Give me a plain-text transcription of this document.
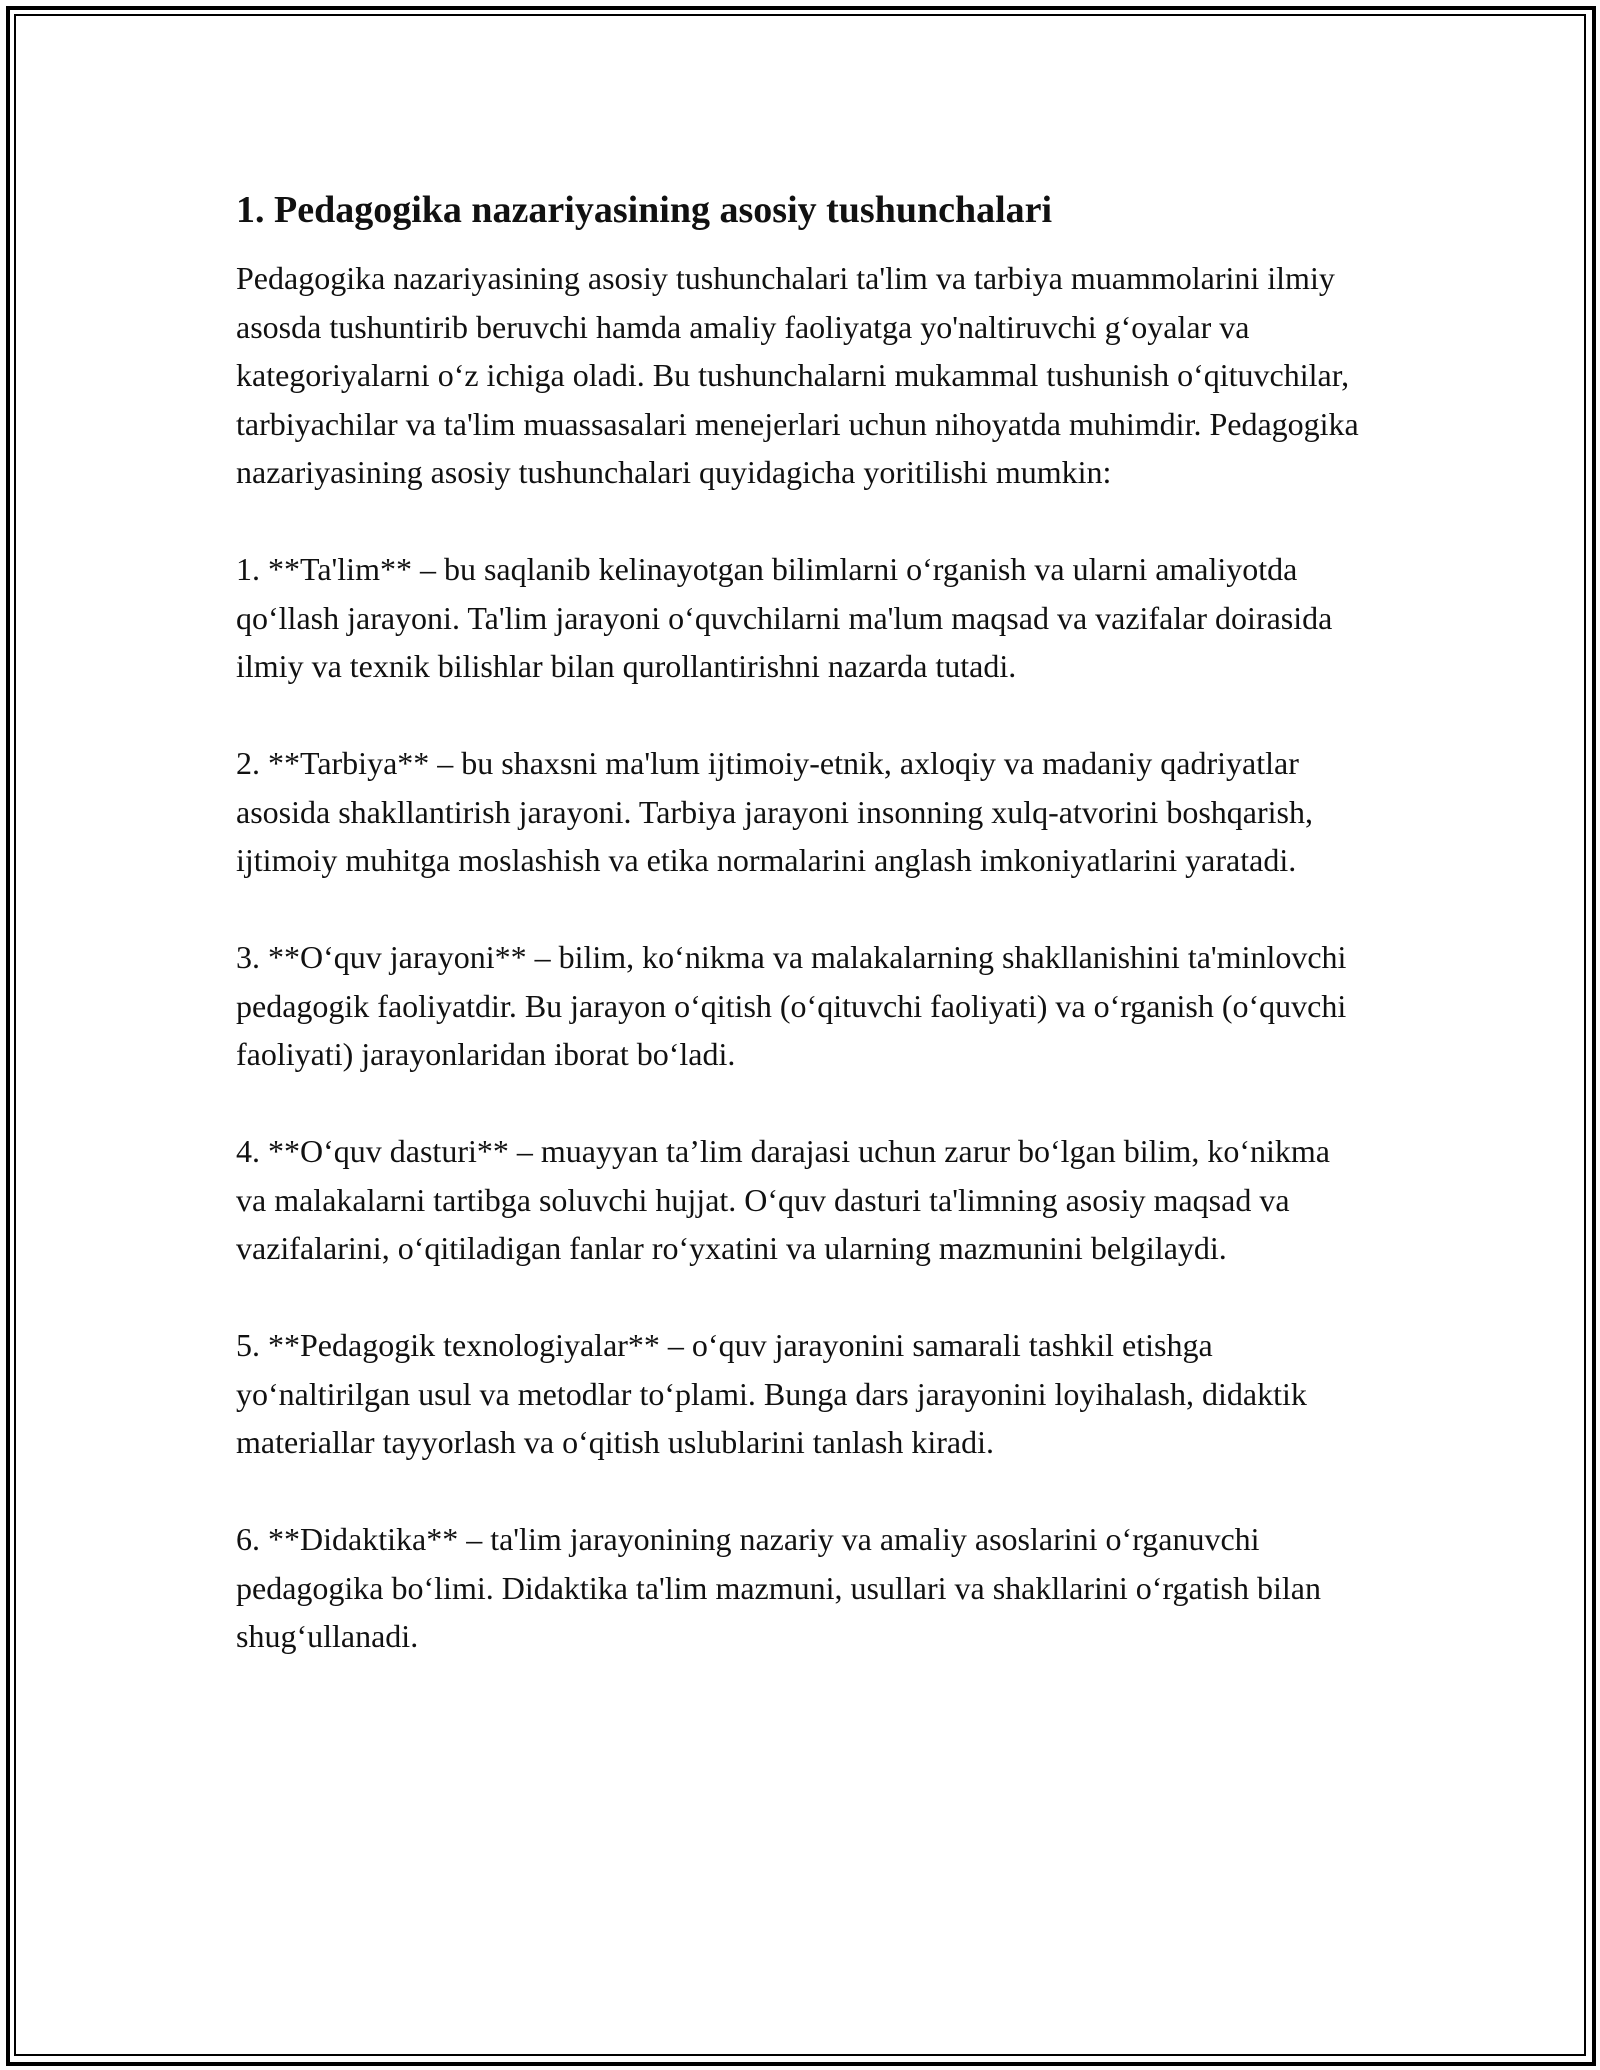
1. Pedagogika nazariyasining asosiy tushunchalari

Pedagogika nazariyasining asosiy tushunchalari ta'lim va tarbiya muammolarini ilmiy asosda tushuntirib beruvchi hamda amaliy faoliyatga yo'naltiruvchi g‘oyalar va kategoriyalarni o‘z ichiga oladi. Bu tushunchalarni mukammal tushunish o‘qituvchilar, tarbiyachilar va ta'lim muassasalari menejerlari uchun nihoyatda muhimdir. Pedagogika nazariyasining asosiy tushunchalari quyidagicha yoritilishi mumkin:

1. **Ta'lim** – bu saqlanib kelinayotgan bilimlarni o‘rganish va ularni amaliyotda qo‘llash jarayoni. Ta'lim jarayoni o‘quvchilarni ma'lum maqsad va vazifalar doirasida ilmiy va texnik bilishlar bilan qurollantirishni nazarda tutadi.

2. **Tarbiya** – bu shaxsni ma'lum ijtimoiy-etnik, axloqiy va madaniy qadriyatlar asosida shakllantirish jarayoni. Tarbiya jarayoni insonning xulq-atvorini boshqarish, ijtimoiy muhitga moslashish va etika normalarini anglash imkoniyatlarini yaratadi.

3. **O‘quv jarayoni** – bilim, ko‘nikma va malakalarning shakllanishini ta'minlovchi pedagogik faoliyatdir. Bu jarayon o‘qitish (o‘qituvchi faoliyati) va o‘rganish (o‘quvchi faoliyati) jarayonlaridan iborat bo‘ladi.

4. **O‘quv dasturi** – muayyan ta’lim darajasi uchun zarur bo‘lgan bilim, ko‘nikma va malakalarni tartibga soluvchi hujjat. O‘quv dasturi ta'limning asosiy maqsad va vazifalarini, o‘qitiladigan fanlar ro‘yxatini va ularning mazmunini belgilaydi.

5. **Pedagogik texnologiyalar** – o‘quv jarayonini samarali tashkil etishga yo‘naltirilgan usul va metodlar to‘plami. Bunga dars jarayonini loyihalash, didaktik materiallar tayyorlash va o‘qitish uslublarini tanlash kiradi.

6. **Didaktika** – ta'lim jarayonining nazariy va amaliy asoslarini o‘rganuvchi pedagogika bo‘limi. Didaktika ta'lim mazmuni, usullari va shakllarini o‘rgatish bilan shug‘ullanadi.
